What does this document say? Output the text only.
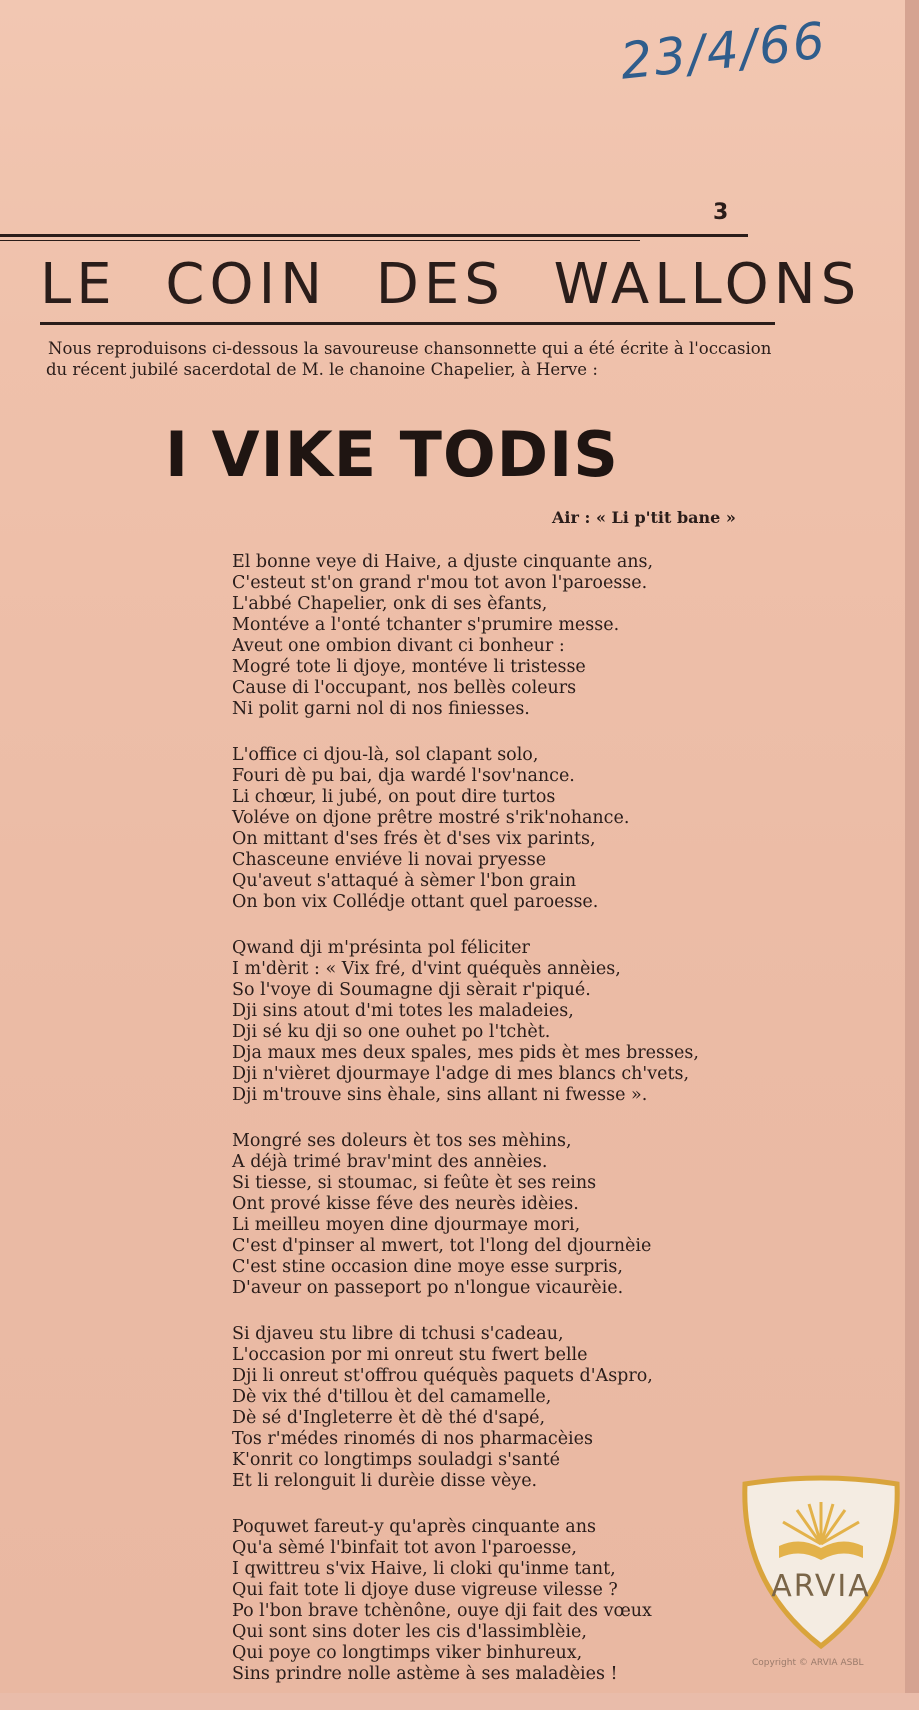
23/4/66
3
LE COIN DES WALLONS
Nous reproduisons ci-dessous la savoureuse chansonnette qui a été écrite à l'occasion du récent jubilé sacerdotal de M. le chanoine Chapelier, à Herve :
I VIKE TODIS
Air : « Li p'tit bane »
El bonne veye di Haive, a djuste cinquante ans,
C'esteut st'on grand r'mou tot avon l'paroesse.
L'abbé Chapelier, onk di ses èfants,
Montéve a l'onté tchanter s'prumire messe.
Aveut one ombion divant ci bonheur :
Mogré tote li djoye, montéve li tristesse
Cause di l'occupant, nos bellès coleurs
Ni polit garni nol di nos finiesses.
L'office ci djou-là, sol clapant solo,
Fouri dè pu bai, dja wardé l'sov'nance.
Li chœur, li jubé, on pout dire turtos
Voléve on djone prêtre mostré s'rik'nohance.
On mittant d'ses frés èt d'ses vix parints,
Chasceune enviéve li novai pryesse
Qu'aveut s'attaqué à sèmer l'bon grain
On bon vix Collédje ottant quel paroesse.
Qwand dji m'présinta pol féliciter
I m'dèrit : « Vix fré, d'vint quéquès annèies,
So l'voye di Soumagne dji sèrait r'piqué.
Dji sins atout d'mi totes les maladeies,
Dji sé ku dji so one ouhet po l'tchèt.
Dja maux mes deux spales, mes pids èt mes bresses,
Dji n'vièret djourmaye l'adge di mes blancs ch'vets,
Dji m'trouve sins èhale, sins allant ni fwesse ».
Mongré ses doleurs èt tos ses mèhins,
A déjà trimé brav'mint des annèies.
Si tiesse, si stoumac, si feûte èt ses reins
Ont prové kisse féve des neurès idèies.
Li meilleu moyen dine djourmaye mori,
C'est d'pinser al mwert, tot l'long del djournèie
C'est stine occasion dine moye esse surpris,
D'aveur on passeport po n'longue vicaurèie.
Si djaveu stu libre di tchusi s'cadeau,
L'occasion por mi onreut stu fwert belle
Dji li onreut st'offrou quéquès paquets d'Aspro,
Dè vix thé d'tillou èt del camamelle,
Dè sé d'Ingleterre èt dè thé d'sapé,
Tos r'médes rinomés di nos pharmacèies
K'onrit co longtimps souladgi s'santé
Et li relonguit li durèie disse vèye.
Poquwet fareut-y qu'après cinquante ans
Qu'a sèmé l'binfait tot avon l'paroesse,
I qwittreu s'vix Haive, li cloki qu'inme tant,
Qui fait tote li djoye duse vigreuse vilesse ?
Po l'bon brave tchènône, ouye dji fait des vœux
Qui sont sins doter les cis d'lassimblèie,
Qui poye co longtimps viker binhureux,
Sins prindre nolle astème à ses maladèies !
ARVIA
Copyright © ARVIA ASBL
